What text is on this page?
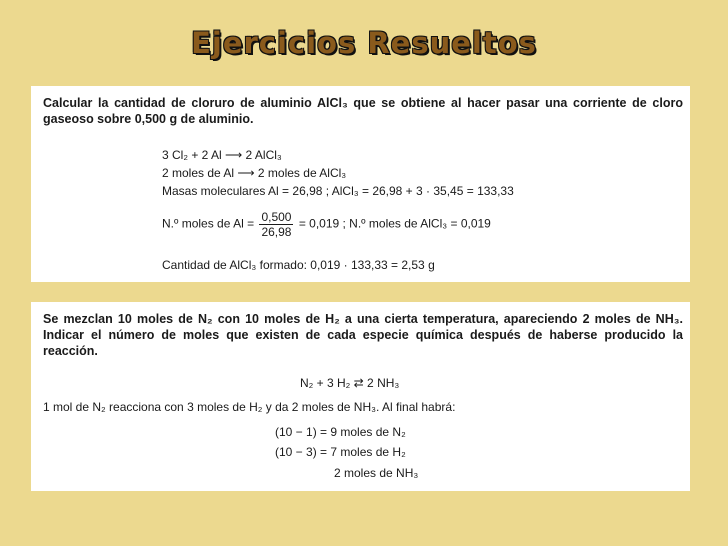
Ejercicios Resueltos
Calcular la cantidad de cloruro de aluminio AlCl₃ que se obtiene al hacer pasar una corriente de cloro gaseoso sobre 0,500 g de aluminio.
3 Cl₂ + 2 Al ⟶ 2 AlCl₃
2 moles de Al ⟶ 2 moles de AlCl₃
Masas moleculares Al = 26,98 ; AlCl₃ = 26,98 + 3 · 35,45 = 133,33
N.º moles de $Al = \frac{0,500}{26,98} = 0,019$ ; N.º moles de AlCl₃ = 0,019
Cantidad de AlCl₃ formado: 0,019 · 133,33 = 2,53 g
Se mezclan 10 moles de N₂ con 10 moles de H₂ a una cierta temperatura, apareciendo 2 moles de NH₃. Indicar el número de moles que existen de cada especie química después de haberse producido la reacción.
N₂ + 3 H₂ ⇄ 2 NH₃
1 mol de N₂ reacciona con 3 moles de H₂ y da 2 moles de NH₃. Al final habrá:
(10 − 1) = 9 moles de N₂
(10 − 3) = 7 moles de H₂
2 moles de NH₃
